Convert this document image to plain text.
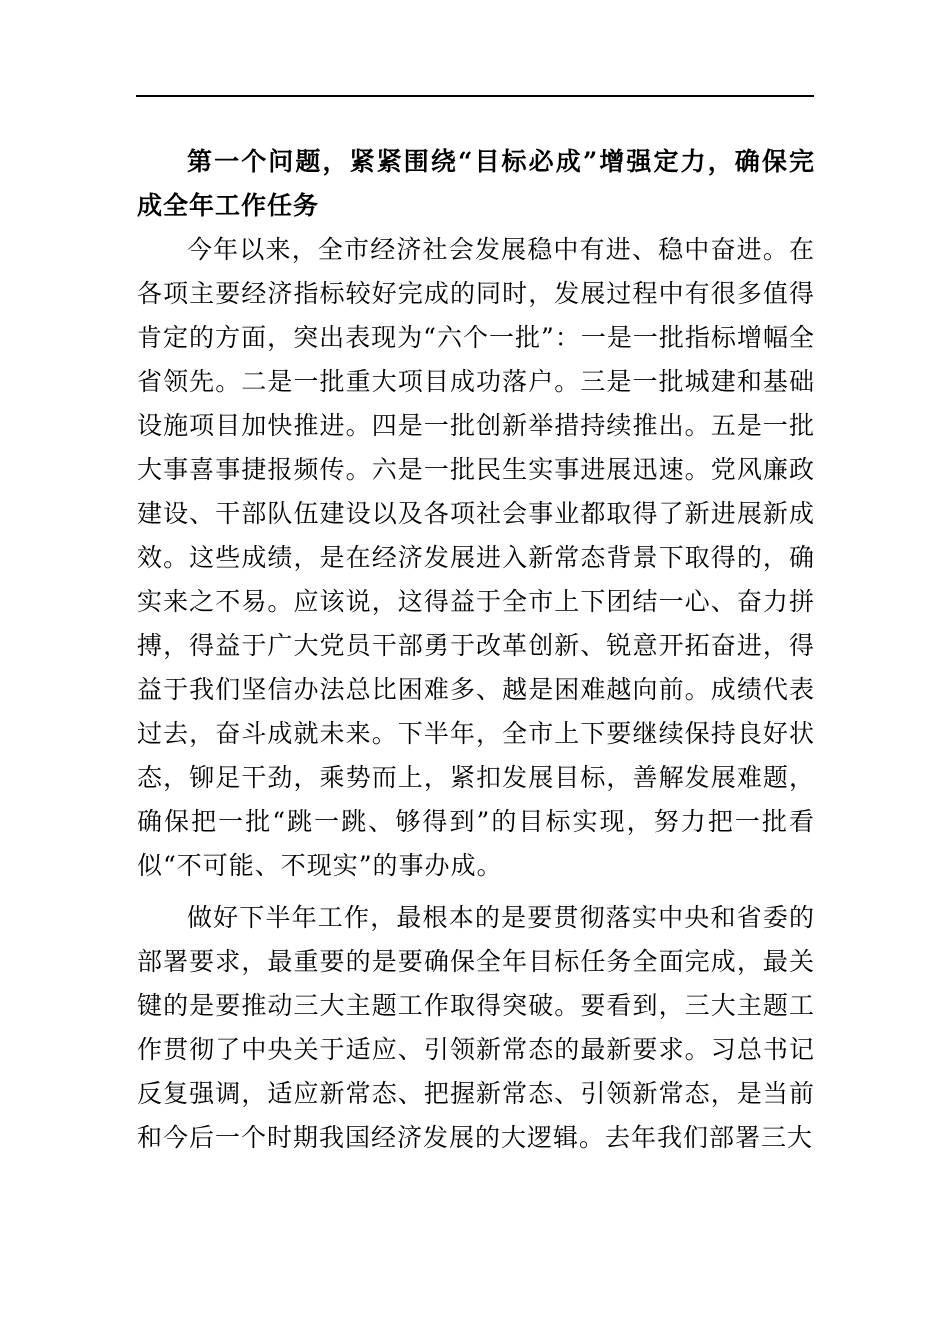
第一个问题，紧紧围绕“目标必成”增强定力，确保完成全年工作任务

今年以来，全市经济社会发展稳中有进、稳中奋进。在各项主要经济指标较好完成的同时，发展过程中有很多值得肯定的方面，突出表现为“六个一批”：一是一批指标增幅全省领先。二是一批重大项目成功落户。三是一批城建和基础设施项目加快推进。四是一批创新举措持续推出。五是一批大事喜事捷报频传。六是一批民生实事进展迅速。党风廉政建设、干部队伍建设以及各项社会事业都取得了新进展新成效。这些成绩，是在经济发展进入新常态背景下取得的，确实来之不易。应该说，这得益于全市上下团结一心、奋力拼搏，得益于广大党员干部勇于改革创新、锐意开拓奋进，得益于我们坚信办法总比困难多、越是困难越向前。成绩代表过去，奋斗成就未来。下半年，全市上下要继续保持良好状态，铆足干劲，乘势而上，紧扣发展目标，善解发展难题，确保把一批“跳一跳、够得到”的目标实现，努力把一批看似“不可能、不现实”的事办成。

做好下半年工作，最根本的是要贯彻落实中央和省委的部署要求，最重要的是要确保全年目标任务全面完成，最关键的是要推动三大主题工作取得突破。要看到，三大主题工作贯彻了中央关于适应、引领新常态的最新要求。习总书记反复强调，适应新常态、把握新常态、引领新常态，是当前和今后一个时期我国经济发展的大逻辑。去年我们部署三大
